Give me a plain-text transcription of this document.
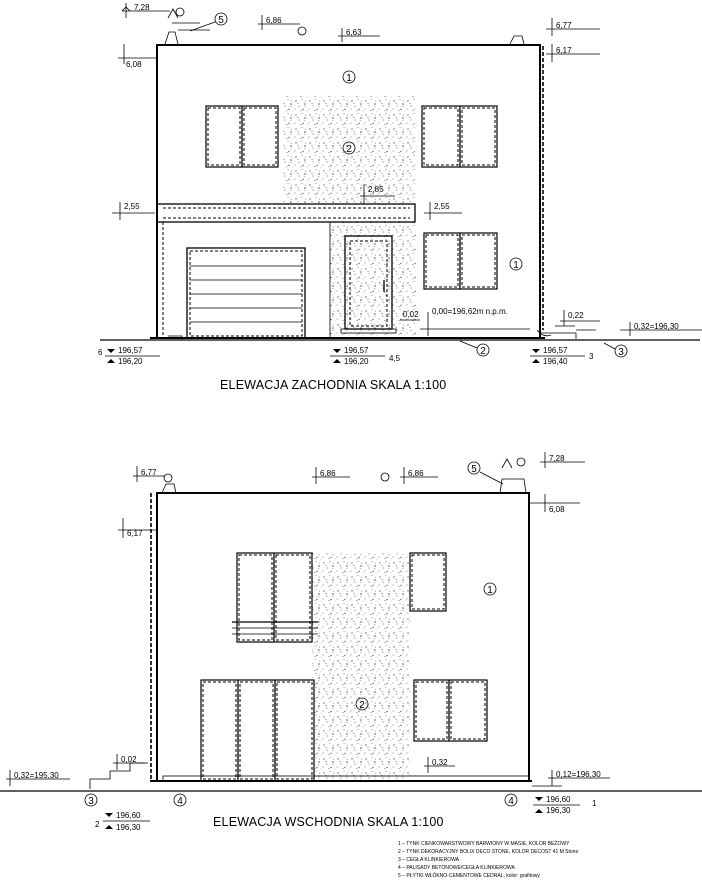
7,28
6,86
6,63
6,77
6,17
6,08
2,55
2,85
2,55
0,02 0,00=196,62m n.p.m.	0,22
0,32=196,30
6 196,57
196,20
196,57
196,20	4,5
196,57
196,40
3
1
2
1
2	3
5
ELEWACJA ZACHODNIA SKALA 1:100
6,77	6,86	6,86
7,28
6,17
6,08
0,32=195,30
0,02	0,32
0,12=196,30
2
196,60
196,30
196,60
196,30
1
1
2
3	4	4
5
ELEWACJA WSCHODNIA SKALA 1:100
1 – TYNK CIENKOWARSTWOWY BARWIONY W MASIE, KOLOR BEŻOWY
2 – TYNK DEKORACYJNY BOLIX DECO STONE, KOLOR DECOST 41 M Stone
3 – CEGŁA KLINKIEROWA
4 – PALISADY BETONOWE/CEGŁA KLINKIEROWA
5 – PŁYTKI WŁÓKNO-CEMENTOWE CEDRAL, kolor: grafitowy
